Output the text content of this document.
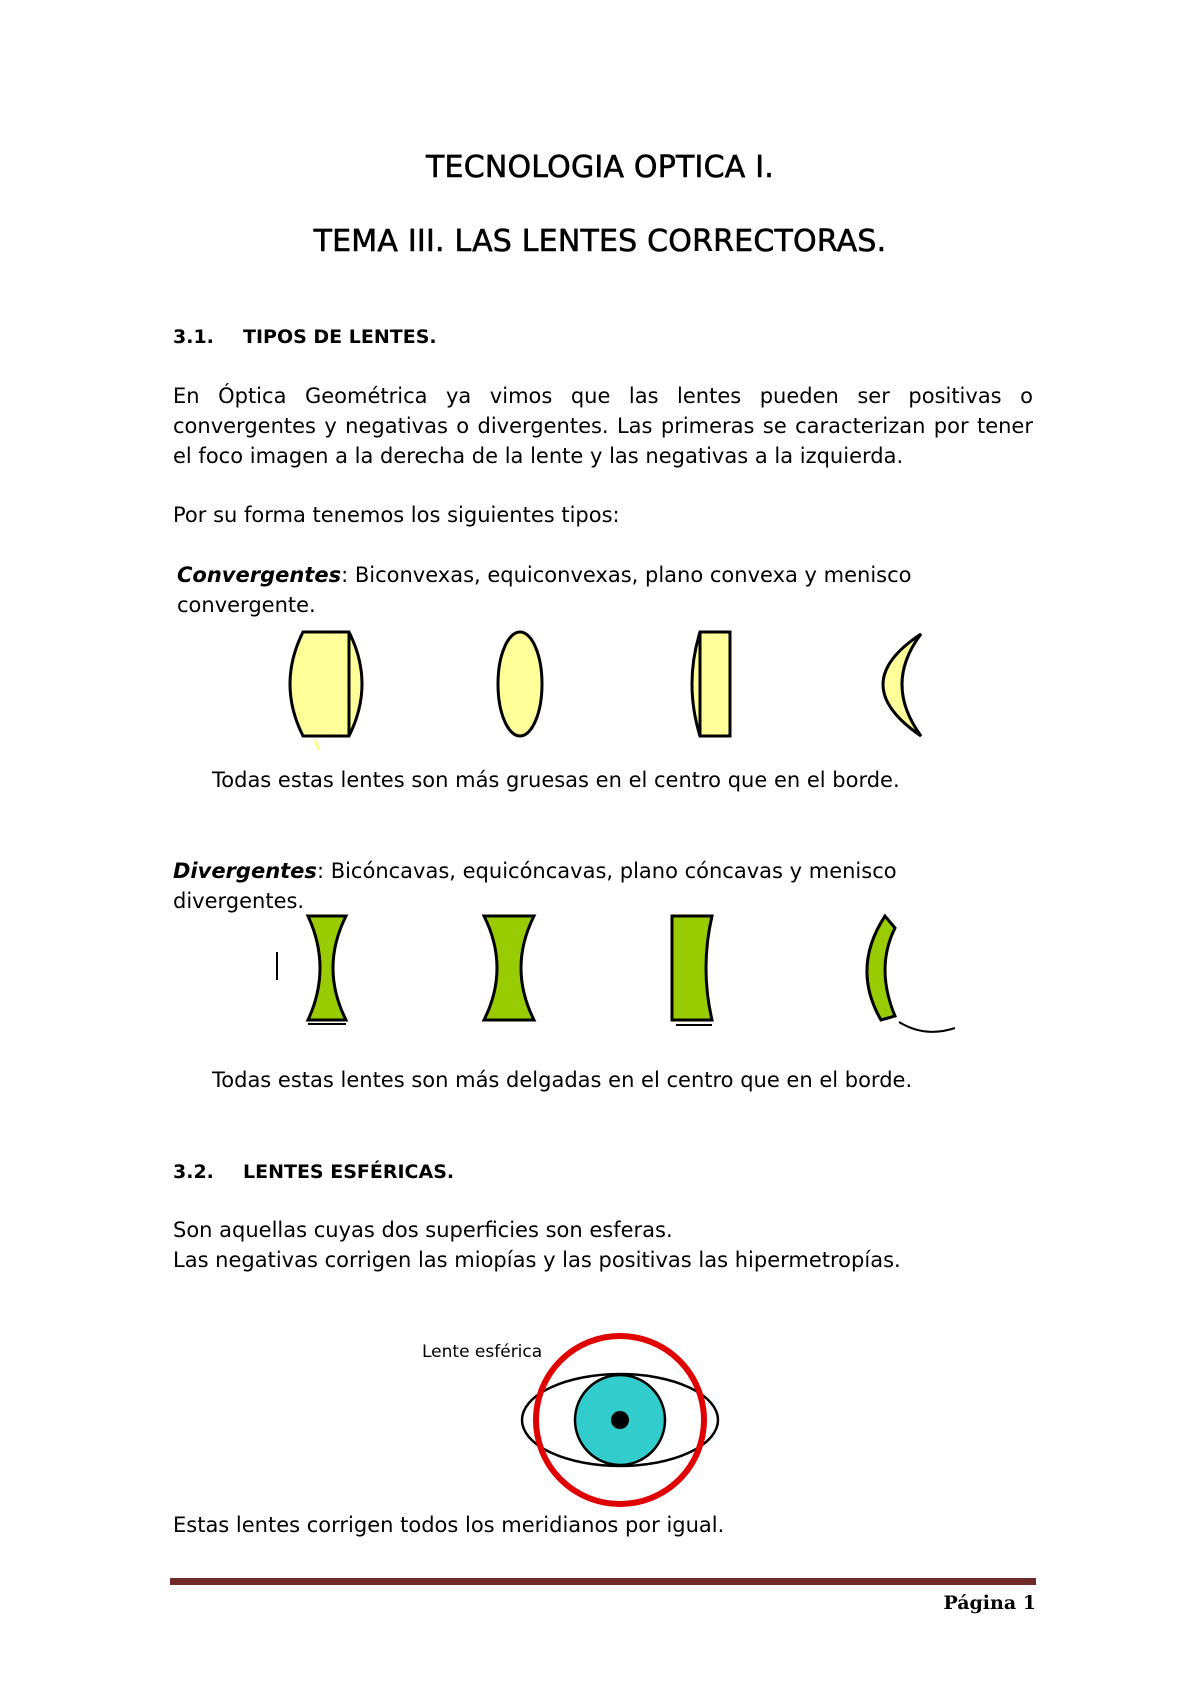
TECNOLOGIA OPTICA I.
TEMA III. LAS LENTES CORRECTORAS.
3.1. TIPOS DE LENTES.
En Óptica Geométrica ya vimos que las lentes pueden ser positivas o convergentes y negativas o divergentes. Las primeras se caracterizan por tener el foco imagen a la derecha de la lente y las negativas a la izquierda.
Por su forma tenemos los siguientes tipos:
Convergentes: Biconvexas, equiconvexas, plano convexa y menisco convergente.
Todas estas lentes son más gruesas en el centro que en el borde.
Divergentes: Bicóncavas, equicóncavas, plano cóncavas y menisco divergentes.
Todas estas lentes son más delgadas en el centro que en el borde.
3.2. LENTES ESFÉRICAS.
Son aquellas cuyas dos superficies son esferas.
Las negativas corrigen las miopías y las positivas las hipermetropías.
Lente esférica
Estas lentes corrigen todos los meridianos por igual.
Página 1
